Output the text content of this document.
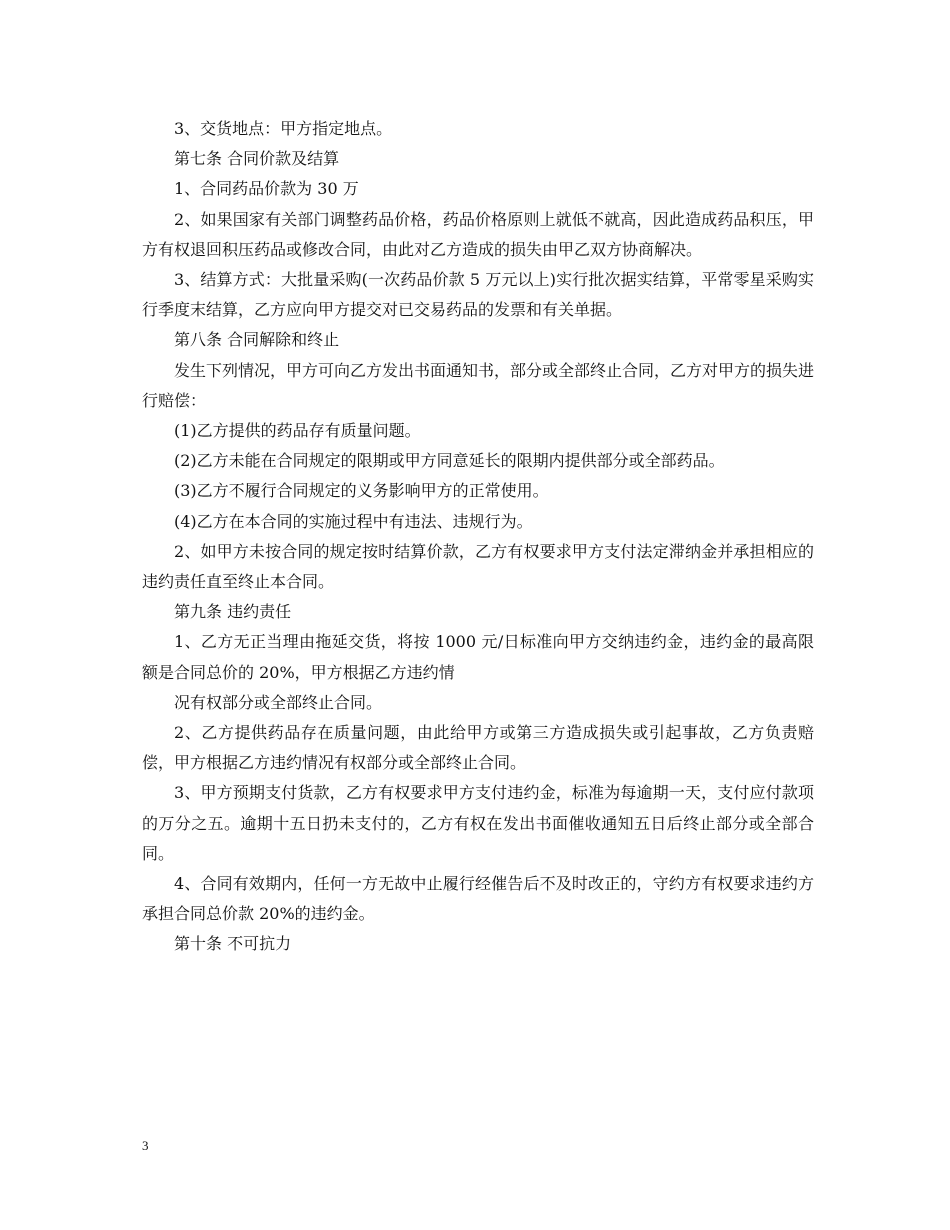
3、交货地点：甲方指定地点。

第七条 合同价款及结算

1、合同药品价款为 30 万

2、如果国家有关部门调整药品价格，药品价格原则上就低不就高，因此造成药品积压，甲方有权退回积压药品或修改合同，由此对乙方造成的损失由甲乙双方协商解决。

3、结算方式：大批量采购(一次药品价款 5 万元以上)实行批次据实结算，平常零星采购实行季度末结算，乙方应向甲方提交对已交易药品的发票和有关单据。

第八条 合同解除和终止

发生下列情况，甲方可向乙方发出书面通知书，部分或全部终止合同，乙方对甲方的损失进行赔偿：

(1)乙方提供的药品存有质量问题。

(2)乙方未能在合同规定的限期或甲方同意延长的限期内提供部分或全部药品。

(3)乙方不履行合同规定的义务影响甲方的正常使用。

(4)乙方在本合同的实施过程中有违法、违规行为。

2、如甲方未按合同的规定按时结算价款，乙方有权要求甲方支付法定滞纳金并承担相应的违约责任直至终止本合同。

第九条 违约责任

1、乙方无正当理由拖延交货，将按 1000 元/日标准向甲方交纳违约金，违约金的最高限额是合同总价的 20%，甲方根据乙方违约情

况有权部分或全部终止合同。

2、乙方提供药品存在质量问题，由此给甲方或第三方造成损失或引起事故，乙方负责赔偿，甲方根据乙方违约情况有权部分或全部终止合同。

3、甲方预期支付货款，乙方有权要求甲方支付违约金，标准为每逾期一天，支付应付款项的万分之五。逾期十五日扔未支付的，乙方有权在发出书面催收通知五日后终止部分或全部合同。

4、合同有效期内，任何一方无故中止履行经催告后不及时改正的，守约方有权要求违约方承担合同总价款 20%的违约金。

第十条 不可抗力

3
